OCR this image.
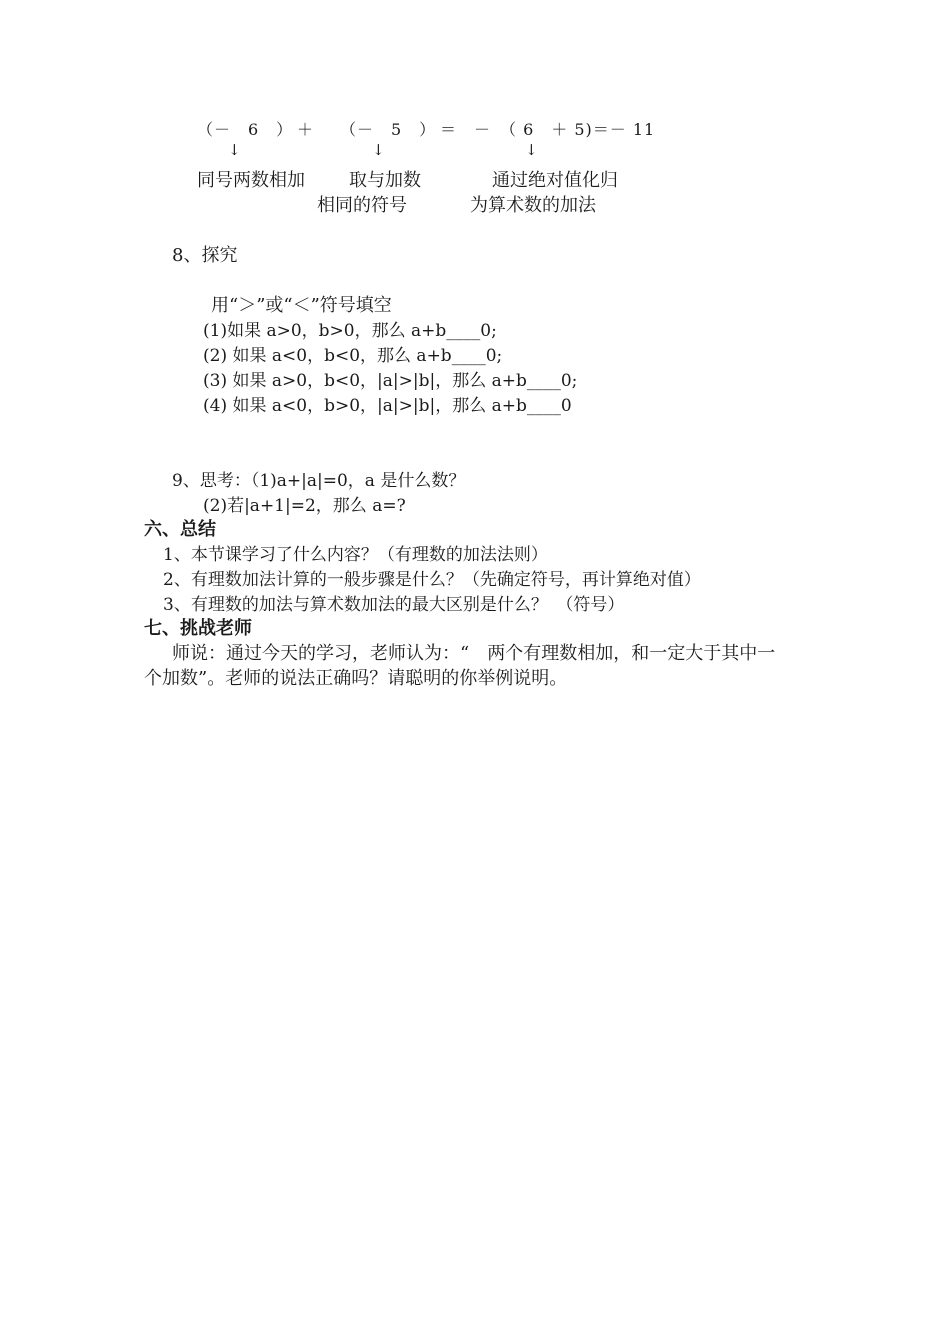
（－　6　） ＋ （－　5　） ＝　－　（ 6　＋ 5)＝－ 11
↓	↓	↓
同号两数相加 取与加数
相同的符号
通过绝对值化归
为算术数的加法
8、探究
用“＞”或“＜”符号填空
(1)如果 a>0，b>0，那么 a+b____0;
(2) 如果 a<0，b<0，那么 a+b____0;
(3) 如果 a>0，b<0，|a|>|b|，那么 a+b____0;
(4) 如果 a<0，b>0，|a|>|b|，那么 a+b____0
9、思考：（1)a+|a|=0，a 是什么数？
(2)若|a+1|=2，那么 a=?
六、总结
1、本节课学习了什么内容？（有理数的加法法则）
2、有理数加法计算的一般步骤是什么？（先确定符号，再计算绝对值）
3、有理数的加法与算术数加法的最大区别是什么？　（符号）
七、挑战老师
师说：通过今天的学习，老师认为：“　两个有理数相加，和一定大于其中一
个加数”。老师的说法正确吗？请聪明的你举例说明。
